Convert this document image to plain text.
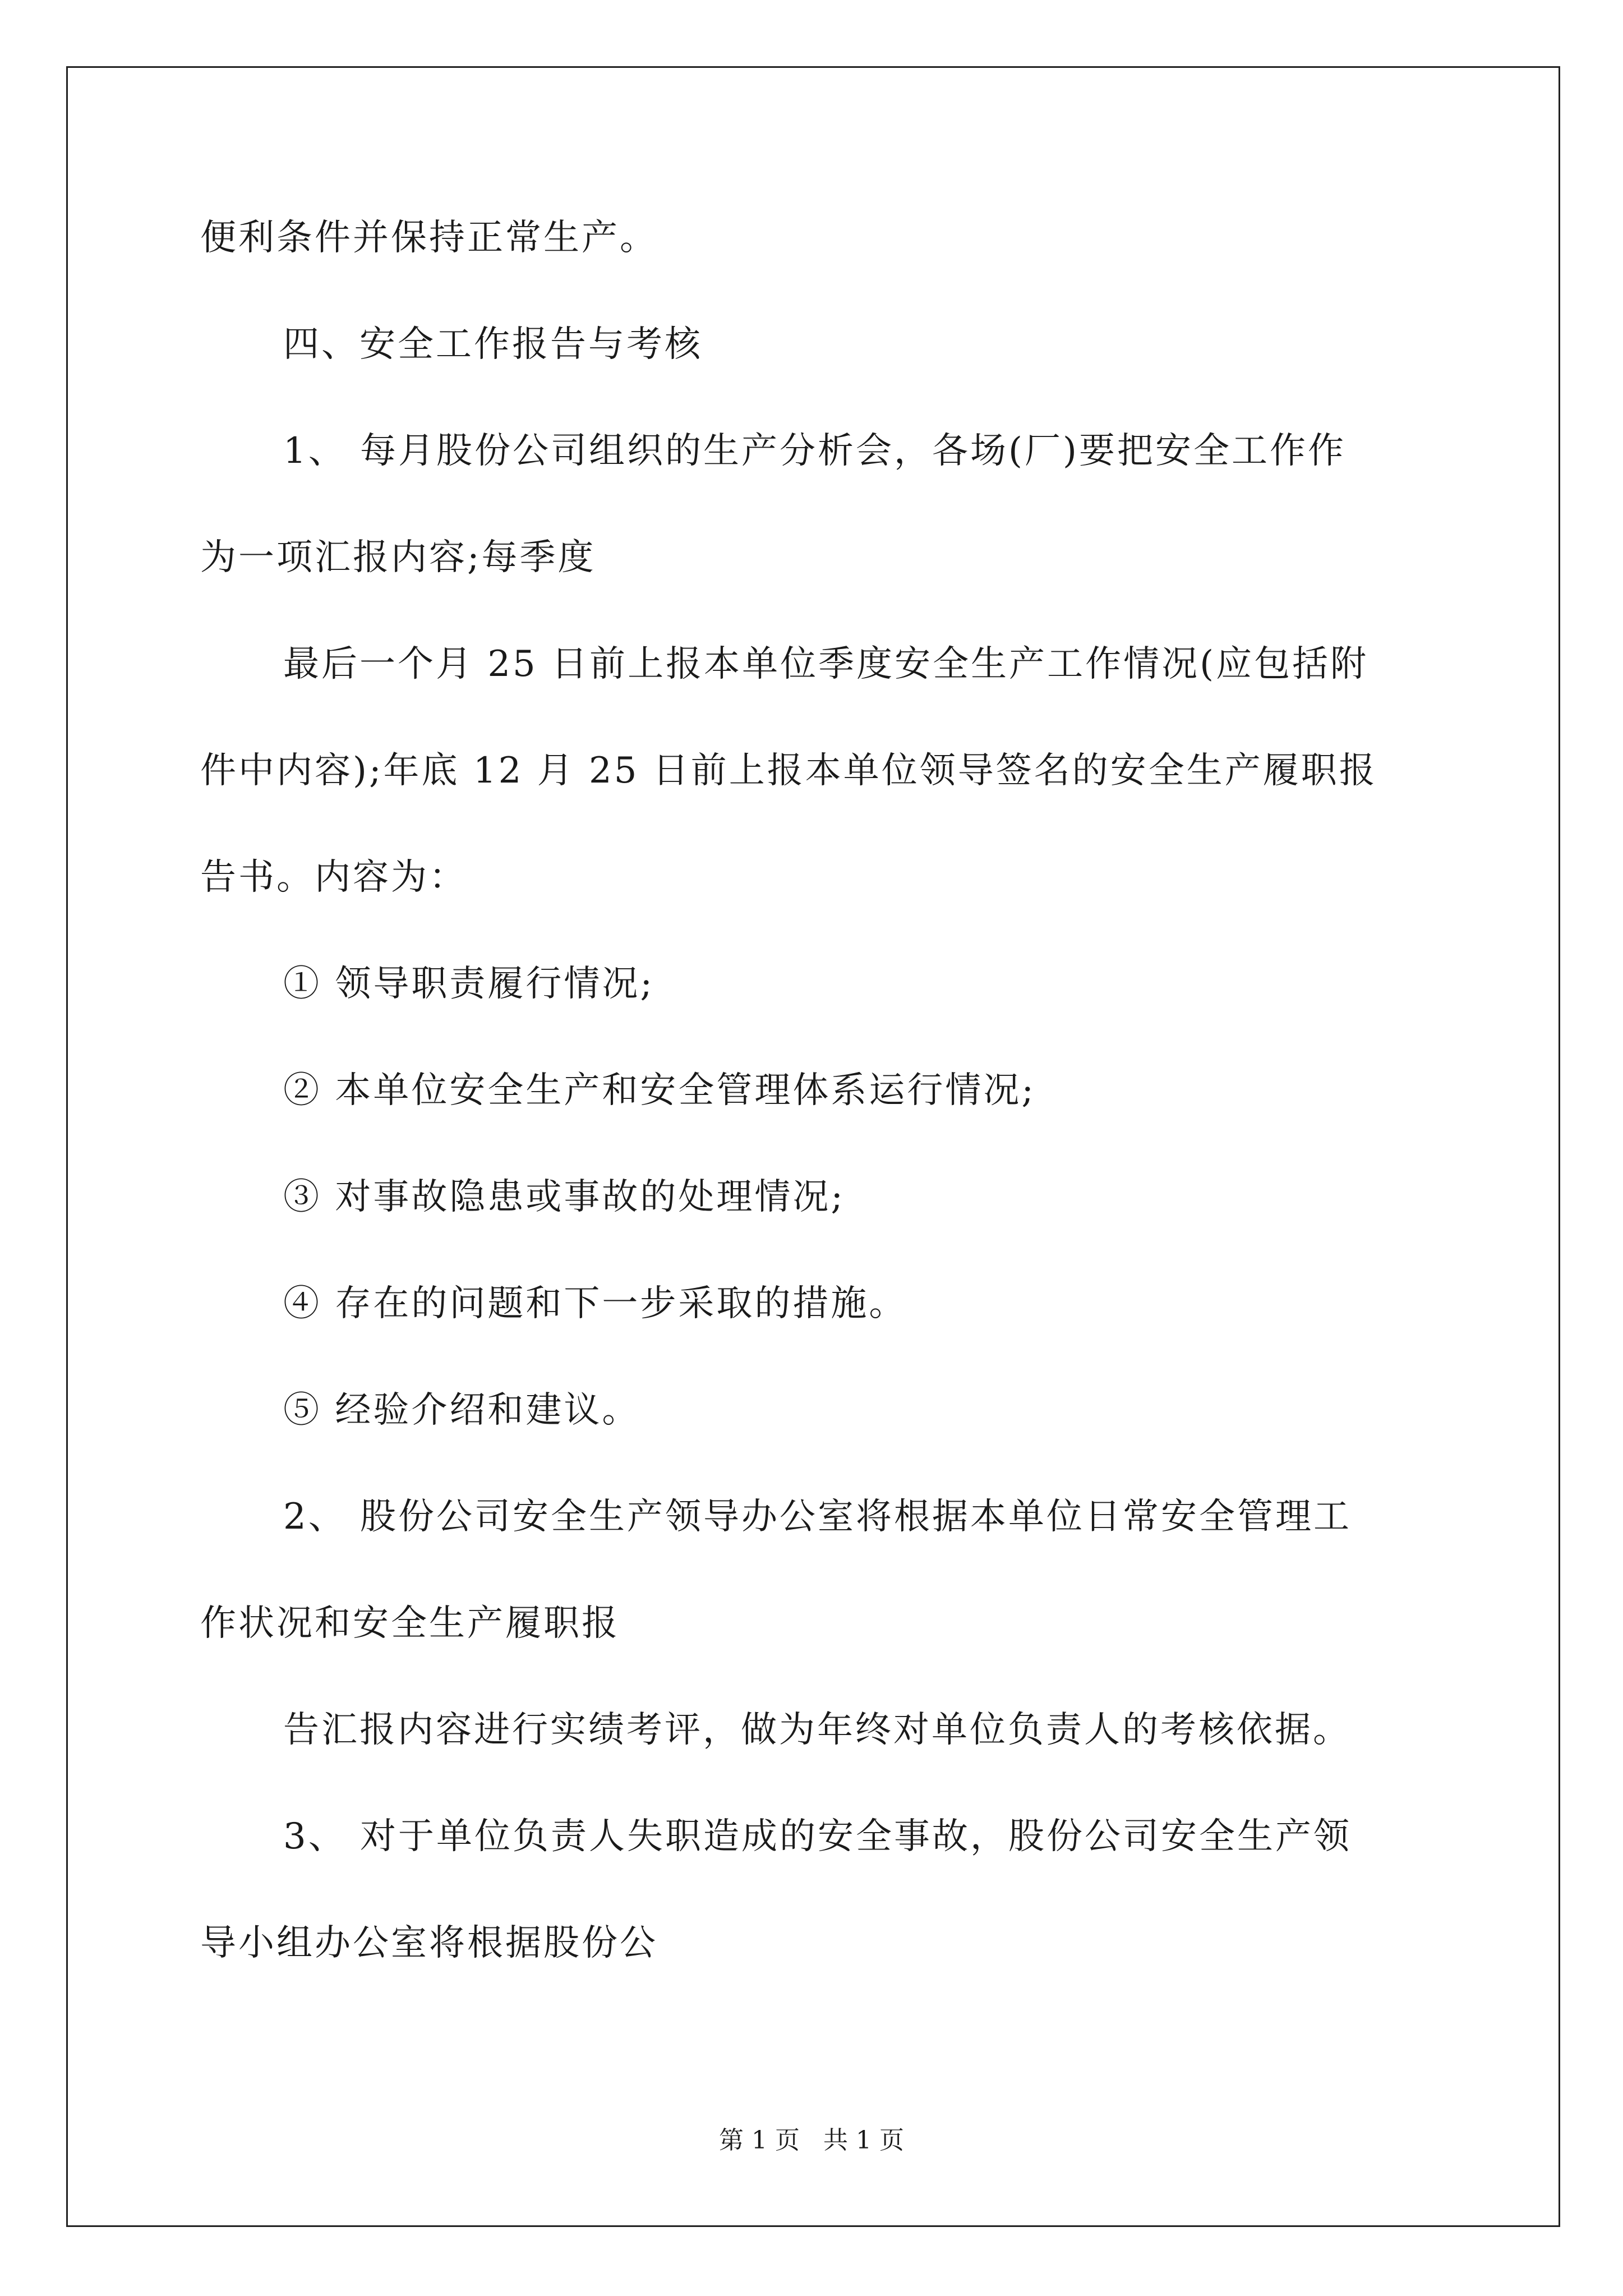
便利条件并保持正常生产。
四、安全工作报告与考核
1、 每月股份公司组织的生产分析会，各场(厂)要把安全工作作
为一项汇报内容;每季度
最后一个月 25 日前上报本单位季度安全生产工作情况(应包括附
件中内容);年底 12 月 25 日前上报本单位领导签名的安全生产履职报
告书。内容为：
① 领导职责履行情况;
② 本单位安全生产和安全管理体系运行情况;
③ 对事故隐患或事故的处理情况;
④ 存在的问题和下一步采取的措施。
⑤ 经验介绍和建议。
2、 股份公司安全生产领导办公室将根据本单位日常安全管理工
作状况和安全生产履职报
告汇报内容进行实绩考评，做为年终对单位负责人的考核依据。
3、 对于单位负责人失职造成的安全事故，股份公司安全生产领
导小组办公室将根据股份公
第 1 页   共 1 页
